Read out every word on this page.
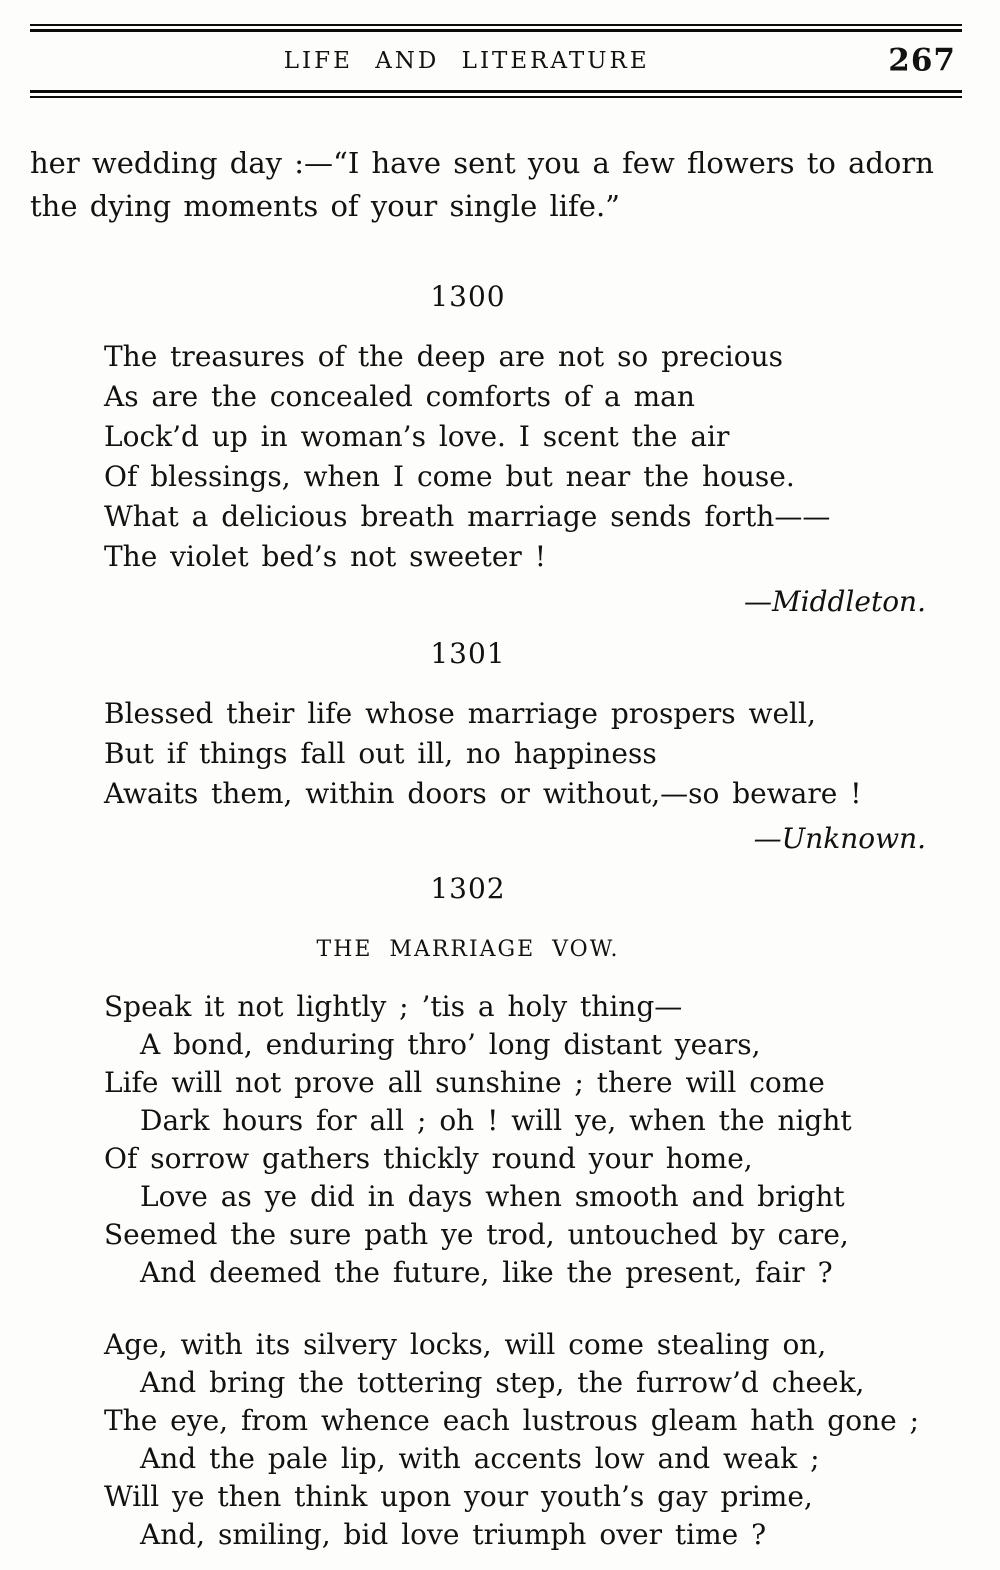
LIFE AND LITERATURE	267
her wedding day :—“I have sent you a few flowers to adorn
the dying moments of your single life.”
1300
The treasures of the deep are not so precious
As are the concealed comforts of a man
Lock’d up in woman’s love. I scent the air
Of blessings, when I come but near the house.
What a delicious breath marriage sends forth——
The violet bed’s not sweeter !
—Middleton.
1301
Blessed their life whose marriage prospers well,
But if things fall out ill, no happiness
Awaits them, within doors or without,—so beware !
—Unknown.
1302
THE MARRIAGE VOW.
Speak it not lightly ; ’tis a holy thing—
A bond, enduring thro’ long distant years,
Life will not prove all sunshine ; there will come
Dark hours for all ; oh ! will ye, when the night
Of sorrow gathers thickly round your home,
Love as ye did in days when smooth and bright
Seemed the sure path ye trod, untouched by care,
And deemed the future, like the present, fair ?
Age, with its silvery locks, will come stealing on,
And bring the tottering step, the furrow’d cheek,
The eye, from whence each lustrous gleam hath gone ;
And the pale lip, with accents low and weak ;
Will ye then think upon your youth’s gay prime,
And, smiling, bid love triumph over time ?
